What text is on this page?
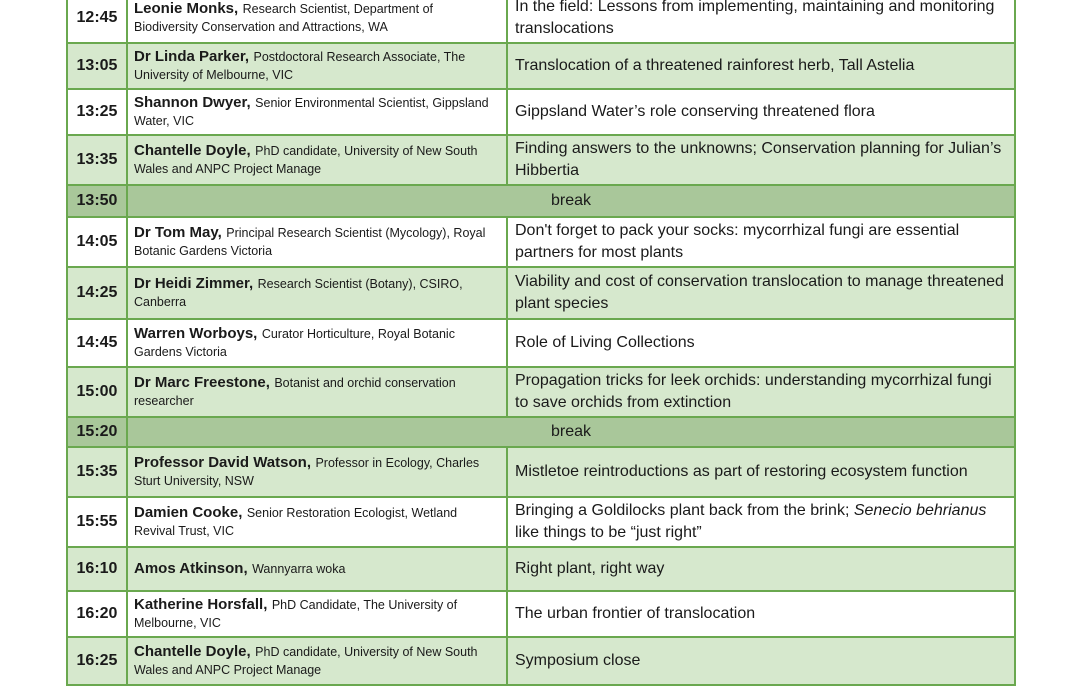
12:45	Leonie Monks, Research Scientist, Department of Biodiversity Conservation and Attractions, WA	In the field: Lessons from implementing, maintaining and monitoring translocations
13:05	Dr Linda Parker, Postdoctoral Research Associate, The University of Melbourne, VIC	Translocation of a threatened rainforest herb, Tall Astelia
13:25	Shannon Dwyer, Senior Environmental Scientist, Gippsland Water, VIC	Gippsland Water’s role conserving threatened flora
13:35	Chantelle Doyle, PhD candidate, University of New South Wales and ANPC Project Manage	Finding answers to the unknowns; Conservation planning for Julian’s Hibbertia
13:50	break	
14:05	Dr Tom May, Principal Research Scientist (Mycology), Royal Botanic Gardens Victoria	Don't forget to pack your socks: mycorrhizal fungi are essential partners for most plants
14:25	Dr Heidi Zimmer, Research Scientist (Botany), CSIRO, Canberra	Viability and cost of conservation translocation to manage threatened plant species
14:45	Warren Worboys, Curator Horticulture, Royal Botanic Gardens Victoria	Role of Living Collections
15:00	Dr Marc Freestone, Botanist and orchid conservation researcher	Propagation tricks for leek orchids: understanding mycorrhizal fungi to save orchids from extinction
15:20	break	
15:35	Professor David Watson, Professor in Ecology, Charles Sturt University, NSW	Mistletoe reintroductions as part of restoring ecosystem function
15:55	Damien Cooke, Senior Restoration Ecologist, Wetland Revival Trust, VIC	Bringing a Goldilocks plant back from the brink; Senecio behrianus like things to be “just right”
16:10	Amos Atkinson, Wannyarra woka	Right plant, right way
16:20	Katherine Horsfall, PhD Candidate, The University of Melbourne, VIC	The urban frontier of translocation
16:25	Chantelle Doyle, PhD candidate, University of New South Wales and ANPC Project Manage	Symposium close
